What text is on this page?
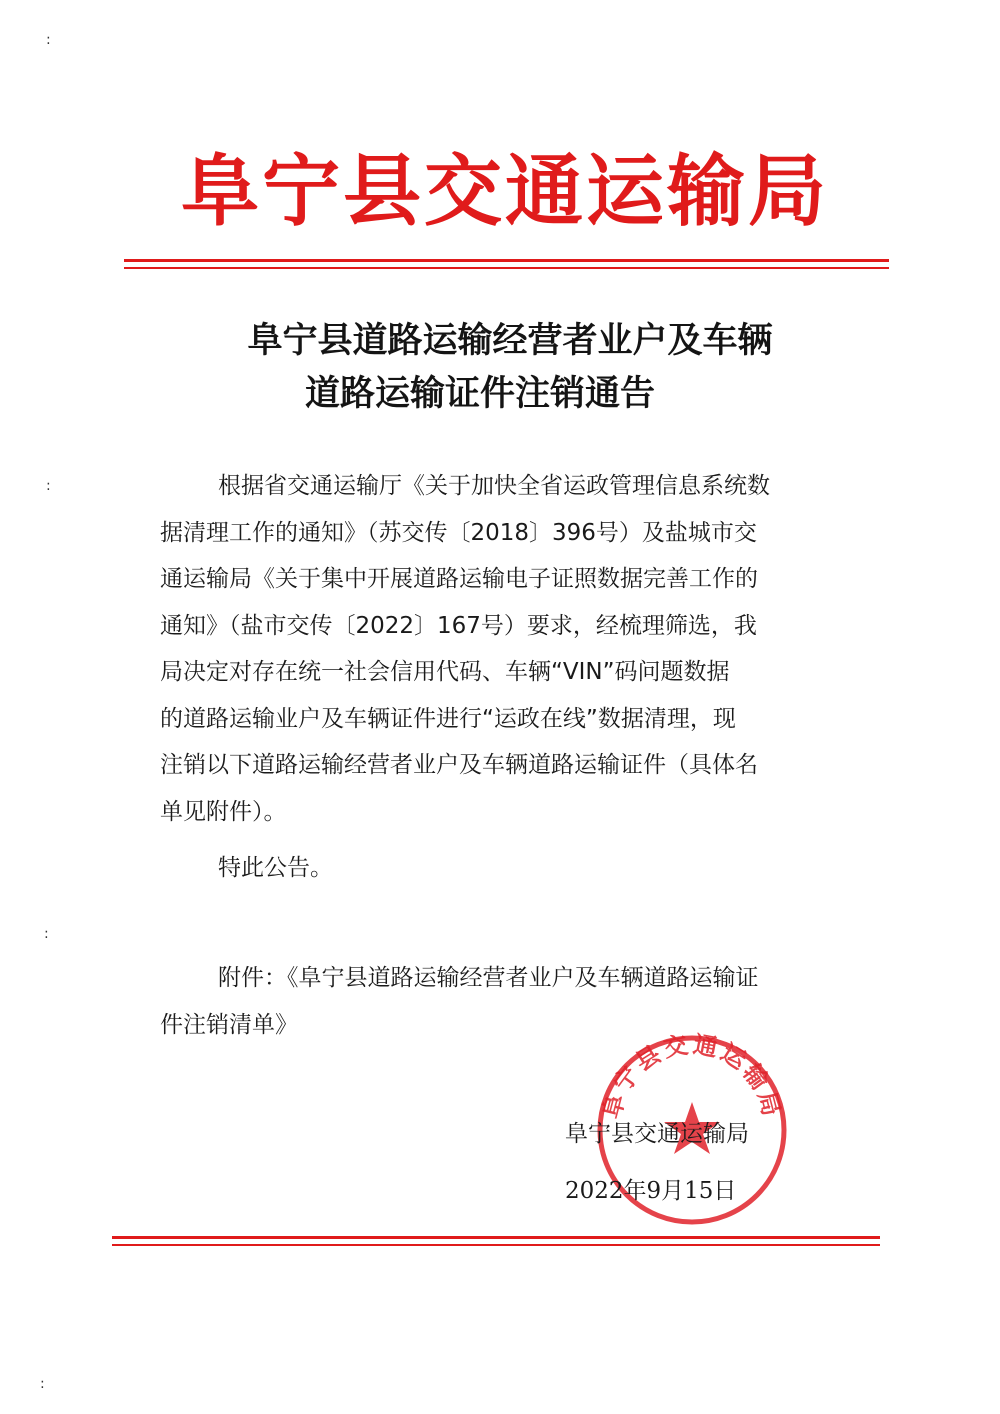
:
:
:
:
阜宁县交通运输局
阜宁县道路运输经营者业户及车辆
道路运输证件注销通告
根据省交通运输厅《关于加快全省运政管理信息系统数
据清理工作的通知》（苏交传〔2018〕396号）及盐城市交
通运输局《关于集中开展道路运输电子证照数据完善工作的
通知》（盐市交传〔2022〕167号）要求，经梳理筛选，我
局决定对存在统一社会信用代码、车辆“VIN”码问题数据
的道路运输业户及车辆证件进行“运政在线”数据清理，现
注销以下道路运输经营者业户及车辆道路运输证件（具体名
单见附件）。
特此公告。
附件：《阜宁县道路运输经营者业户及车辆道路运输证
件注销清单》
阜宁县交通运输局
阜宁县交通运输局
2022年9月15日
